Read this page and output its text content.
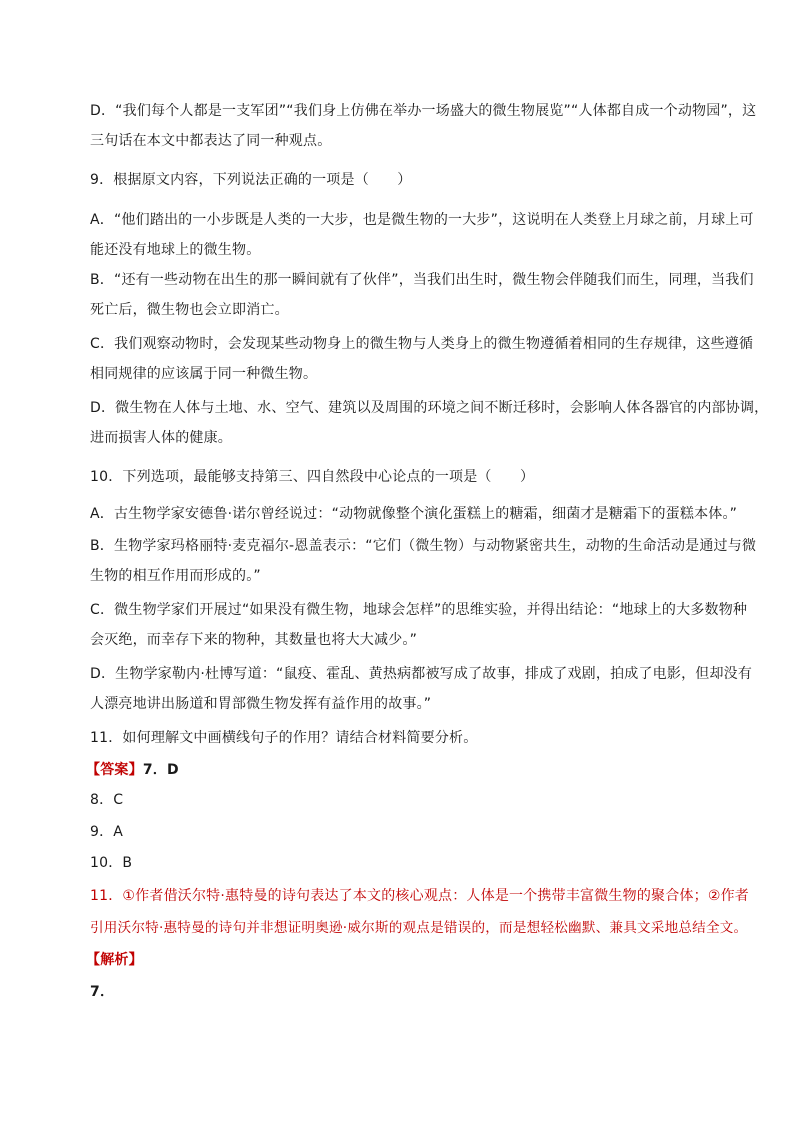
D．“我们每个人都是一支军团”“我们身上仿佛在举办一场盛大的微生物展览”“人体都自成一个动物园”，这
三句话在本文中都表达了同一种观点。
9．根据原文内容，下列说法正确的一项是（　　）
A．“他们踏出的一小步既是人类的一大步，也是微生物的一大步”，这说明在人类登上月球之前，月球上可
能还没有地球上的微生物。
B．“还有一些动物在出生的那一瞬间就有了伙伴”，当我们出生时，微生物会伴随我们而生，同理，当我们
死亡后，微生物也会立即消亡。
C．我们观察动物时，会发现某些动物身上的微生物与人类身上的微生物遵循着相同的生存规律，这些遵循
相同规律的应该属于同一种微生物。
D．微生物在人体与土地、水、空气、建筑以及周围的环境之间不断迁移时，会影响人体各器官的内部协调，
进而损害人体的健康。
10．下列选项，最能够支持第三、四自然段中心论点的一项是（　　）
A．古生物学家安德鲁·诺尔曾经说过：“动物就像整个演化蛋糕上的糖霜，细菌才是糖霜下的蛋糕本体。”
B．生物学家玛格丽特·麦克福尔-恩盖表示：“它们（微生物）与动物紧密共生，动物的生命活动是通过与微
生物的相互作用而形成的。”
C．微生物学家们开展过“如果没有微生物，地球会怎样”的思维实验，并得出结论：“地球上的大多数物种
会灭绝，而幸存下来的物种，其数量也将大大减少。”
D．生物学家勒内·杜博写道：“鼠疫、霍乱、黄热病都被写成了故事，排成了戏剧，拍成了电影，但却没有
人漂亮地讲出肠道和胃部微生物发挥有益作用的故事。”
11．如何理解文中画横线句子的作用？请结合材料简要分析。
【答案】7．D
8．C
9．A
10．B
11．①作者借沃尔特·惠特曼的诗句表达了本文的核心观点：人体是一个携带丰富微生物的聚合体；②作者
引用沃尔特·惠特曼的诗句并非想证明奥逊·威尔斯的观点是错误的，而是想轻松幽默、兼具文采地总结全文。
【解析】
7．
